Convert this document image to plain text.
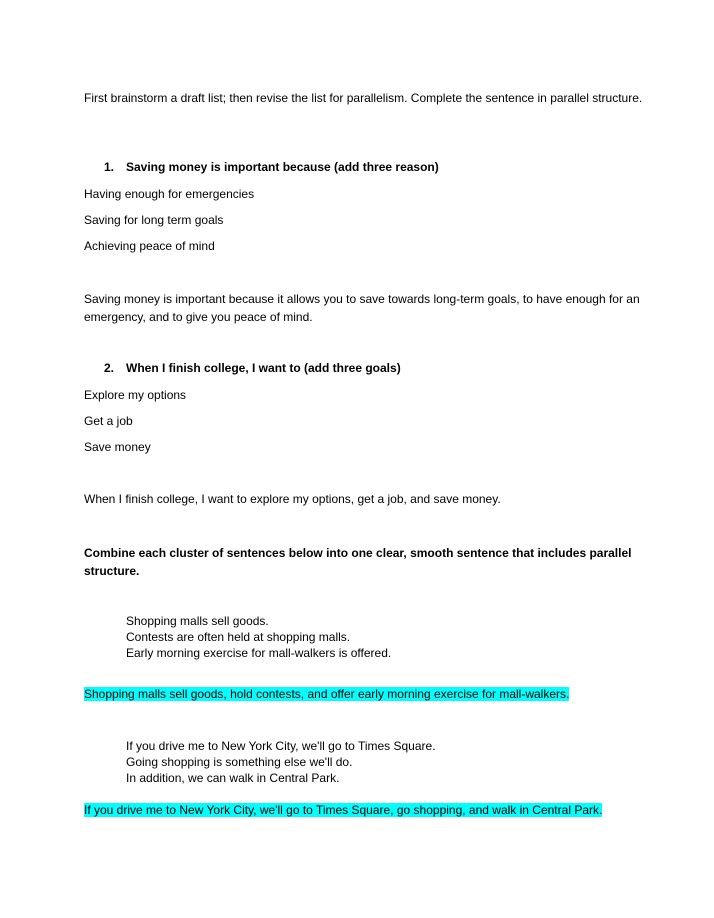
First brainstorm a draft list; then revise the list for parallelism. Complete the sentence in parallel structure.
1. Saving money is important because (add three reason)
Having enough for emergencies
Saving for long term goals
Achieving peace of mind
Saving money is important because it allows you to save towards long-term goals, to have enough for an emergency, and to give you peace of mind.
2. When I finish college, I want to (add three goals)
Explore my options
Get a job
Save money
When I finish college, I want to explore my options, get a job, and save money.
Combine each cluster of sentences below into one clear, smooth sentence that includes parallel structure.
Shopping malls sell goods.
Contests are often held at shopping malls.
Early morning exercise for mall-walkers is offered.
Shopping malls sell goods, hold contests, and offer early morning exercise for mall-walkers.
If you drive me to New York City, we'll go to Times Square.
Going shopping is something else we'll do.
In addition, we can walk in Central Park.
If you drive me to New York City, we'll go to Times Square, go shopping, and walk in Central Park.
